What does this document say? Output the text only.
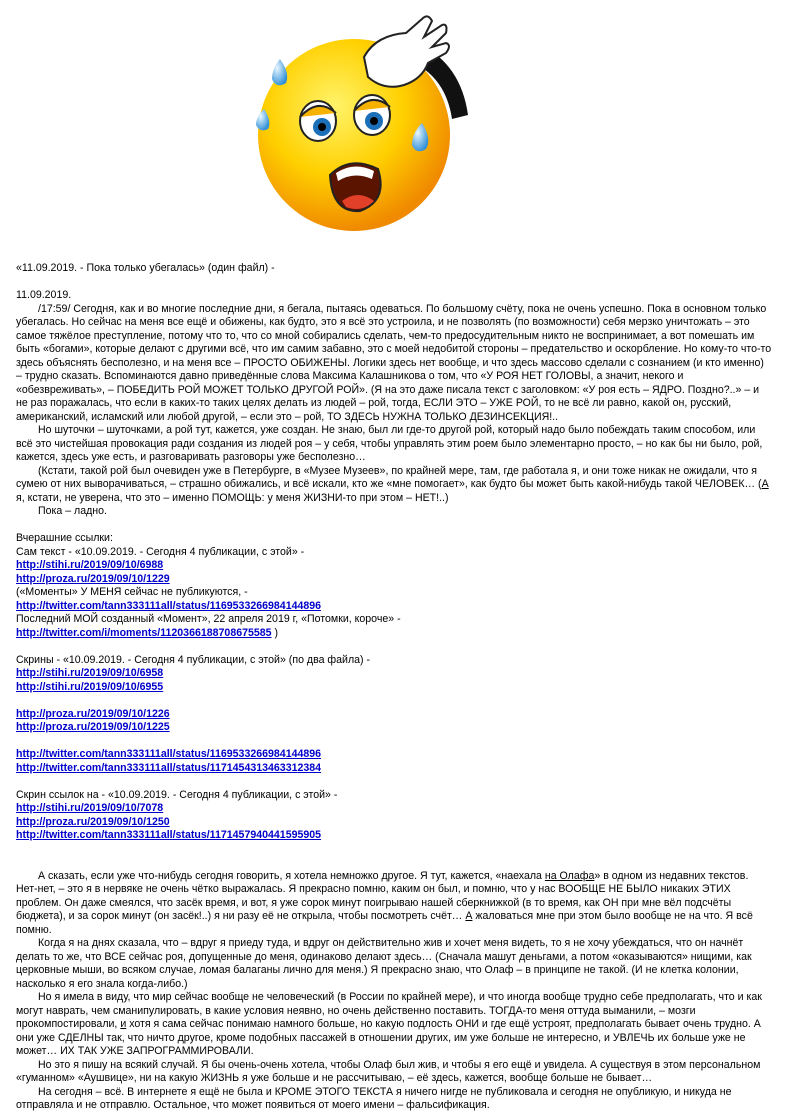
«11.09.2019. - Пока только убегалась» (один файл) -

11.09.2019.

/17:59/ Сегодня, как и во многие последние дни, я бегала, пытаясь одеваться. По большому счёту, пока не очень успешно. Пока в основном только убегалась. Но сейчас на меня все ещё и обижены, как будто, это я всё это устроила, и не позволять (по возможности) себя мерзко уничтожать – это самое тяжёлое преступление, потому что то, что со мной собирались сделать, чем-то предосудительным никто не воспринимает, а вот помешать им быть «богами», которые делают с другими всё, что им самим забавно, это с моей недобитой стороны – предательство и оскорбление. Но кому-то что-то здесь объяснять бесполезно, и на меня все – ПРОСТО ОБИЖЕНЫ. Логики здесь нет вообще, и что здесь массово сделали с сознанием (и кто именно) – трудно сказать. Вспоминаются давно приведённые слова Максима Калашникова о том, что «У РОЯ НЕТ ГОЛОВЫ, а значит, некого и «обезвреживать», – ПОБЕДИТЬ РОЙ МОЖЕТ ТОЛЬКО ДРУГОЙ РОЙ». (Я на это даже писала текст с заголовком: «У роя есть – ЯДРО. Поздно?..» – и не раз поражалась, что если в каких-то таких целях делать из людей – рой, тогда, ЕСЛИ ЭТО – УЖЕ РОЙ, то не всё ли равно, какой он, русский, американский, исламский или любой другой, – если это – рой, ТО ЗДЕСЬ НУЖНА ТОЛЬКО ДЕЗИНСЕКЦИЯ!..

Но шуточки – шуточками, а рой тут, кажется, уже создан. Не знаю, был ли где-то другой рой, который надо было побеждать таким способом, или всё это чистейшая провокация ради создания из людей роя – у себя, чтобы управлять этим роем было элементарно просто, – но как бы ни было, рой, кажется, здесь уже есть, и разговаривать разговоры уже бесполезно…

(Кстати, такой рой был очевиден уже в Петербурге, в «Музее Музеев», по крайней мере, там, где работала я, и они тоже никак не ожидали, что я сумею от них выворачиваться, – страшно обижались, и всё искали, кто же «мне помогает», как будто бы может быть какой-нибудь такой ЧЕЛОВЕК… (А я, кстати, не уверена, что это – именно ПОМОЩЬ: у меня ЖИЗНИ-то при этом – НЕТ!..)

Пока – ладно.

Вчерашние ссылки:

Сам текст - «10.09.2019. - Сегодня 4 публикации, с этой» -

http://stihi.ru/2019/09/10/6988

http://proza.ru/2019/09/10/1229

(«Моменты» У МЕНЯ сейчас не публикуются, -

http://twitter.com/tann333111all/status/1169533266984144896

Последний МОЙ созданный «Момент», 22 апреля 2019 г, «Потомки, короче» -

http://twitter.com/i/moments/1120366188708675585 )

Скрины - «10.09.2019. - Сегодня 4 публикации, с этой» (по два файла) -

http://stihi.ru/2019/09/10/6958

http://stihi.ru/2019/09/10/6955

http://proza.ru/2019/09/10/1226

http://proza.ru/2019/09/10/1225

http://twitter.com/tann333111all/status/1169533266984144896

http://twitter.com/tann333111all/status/1171454313463312384

Скрин ссылок на - «10.09.2019. - Сегодня 4 публикации, с этой» -

http://stihi.ru/2019/09/10/7078

http://proza.ru/2019/09/10/1250

http://twitter.com/tann333111all/status/1171457940441595905

А сказать, если уже что-нибудь сегодня говорить, я хотела немножко другое. Я тут, кажется, «наехала на Олафа» в одном из недавних текстов. Нет-нет, – это я в нервяке не очень чётко выражалась. Я прекрасно помню, каким он был, и помню, что у нас ВООБЩЕ НЕ БЫЛО никаких ЭТИХ проблем. Он даже смеялся, что засёк время, и вот, я уже сорок минут поигрываю нашей сберкнижкой (в то время, как ОН при мне вёл подсчёты бюджета), и за сорок минут (он засёк!..) я ни разу её не открыла, чтобы посмотреть счёт… А жаловаться мне при этом было вообще не на что. Я всё помню.

Когда я на днях сказала, что – вдруг я приеду туда, и вдруг он действительно жив и хочет меня видеть, то я не хочу убеждаться, что он начнёт делать то же, что ВСЕ сейчас роя, допущенные до меня, одинаково делают здесь… (Сначала машут деньгами, а потом «оказываются» нищими, как церковные мыши, во всяком случае, ломая балаганы лично для меня.) Я прекрасно знаю, что Олаф – в принципе не такой. (И не клетка колонии, насколько я его знала когда-либо.)

Но я имела в виду, что мир сейчас вообще не человеческий (в России по крайней мере), и что иногда вообще трудно себе предполагать, что и как могут наврать, чем сманипулировать, в какие условия неявно, но очень действенно поставить. ТОГДА-то меня оттуда выманили, – мозги прокомпостировали, и хотя я сама сейчас понимаю намного больше, но какую подлость ОНИ и где ещё устроят, предполагать бывает очень трудно. А они уже СДЕЛНЫ так, что ничто другое, кроме подобных пассажей в отношении других, им уже больше не интересно, и УВЛЕЧЬ их больше уже не может… ИХ ТАК УЖЕ ЗАПРОГРАММИРОВАЛИ.

Но это я пишу на всякий случай. Я бы очень-очень хотела, чтобы Олаф был жив, и чтобы я его ещё и увидела. А существуя в этом персональном «гуманном» «Аушвице», ни на какую ЖИЗНЬ я уже больше и не рассчитываю, – её здесь, кажется, вообще больше не бывает…

На сегодня – всё. В интернете я ещё не была и КРОМЕ ЭТОГО ТЕКСТА я ничего нигде не публиковала и сегодня не опубликую, и никуда не отправляла и не отправлю. Остальное, что может появиться от моего имени – фальсификация.
